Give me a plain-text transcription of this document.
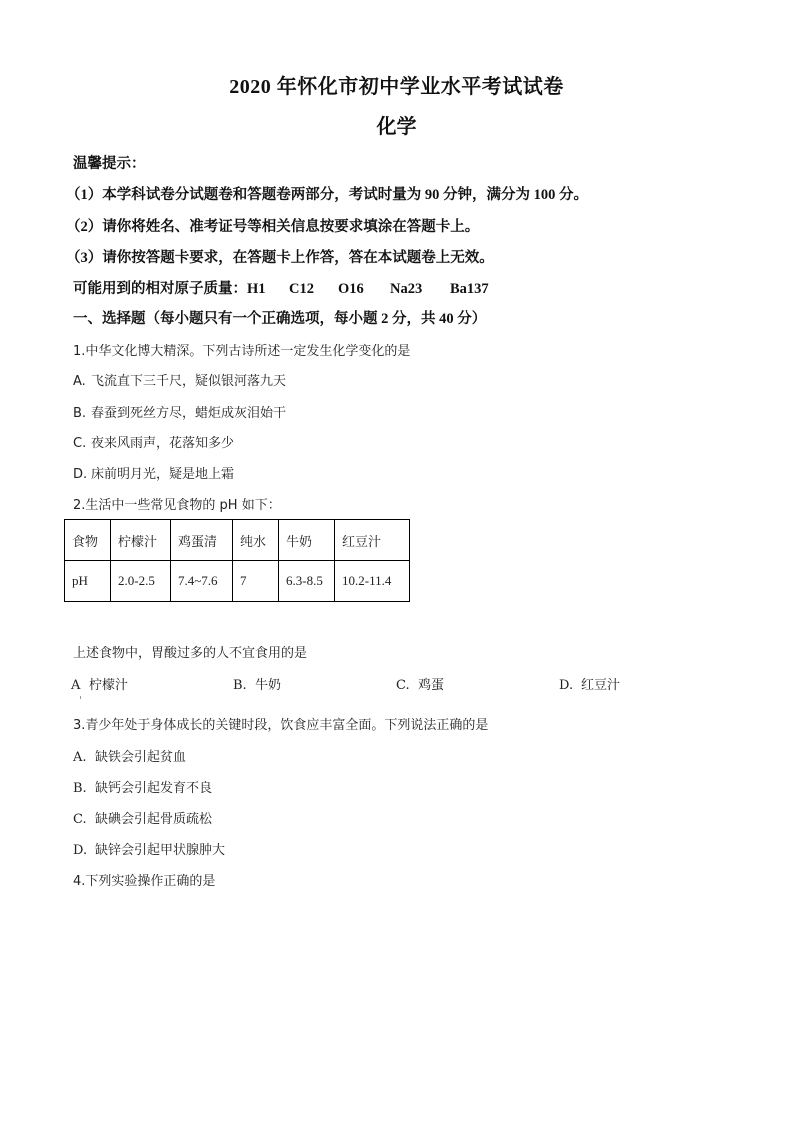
2020 年怀化市初中学业水平考试试卷
化学
温馨提示：
（1）本学科试卷分试题卷和答题卷两部分，考试时量为 90 分钟，满分为 100 分。
（2）请你将姓名、准考证号等相关信息按要求填涂在答题卡上。
（3）请你按答题卡要求，在答题卡上作答，答在本试题卷上无效。
可能用到的相对原子质量：H1 C12 O16 Na23 Ba137
一、选择题（每小题只有一个正确选项，每小题 2 分，共 40 分）
1.中华文化博大精深。下列古诗所述一定发生化学变化的是
A. 飞流直下三千尺，疑似银河落九天
B. 春蚕到死丝方尽，蜡炬成灰泪始干
C. 夜来风雨声，花落知多少
D. 床前明月光，疑是地上霜
2.生活中一些常见食物的 pH 如下：
食物	柠檬汁	鸡蛋清	纯水	牛奶	红豆汁
pH	2.0-2.5	7.4~7.6	7	6.3-8.5	10.2-11.4
上述食物中，胃酸过多的人不宜食用的是
A 柠檬汁	B. 牛奶	C. 鸡蛋	D. 红豆汁
3.青少年处于身体成长的关键时段，饮食应丰富全面。下列说法正确的是
A. 缺铁会引起贫血
B. 缺钙会引起发育不良
C. 缺碘会引起骨质疏松
D. 缺锌会引起甲状腺肿大
4.下列实验操作正确的是
